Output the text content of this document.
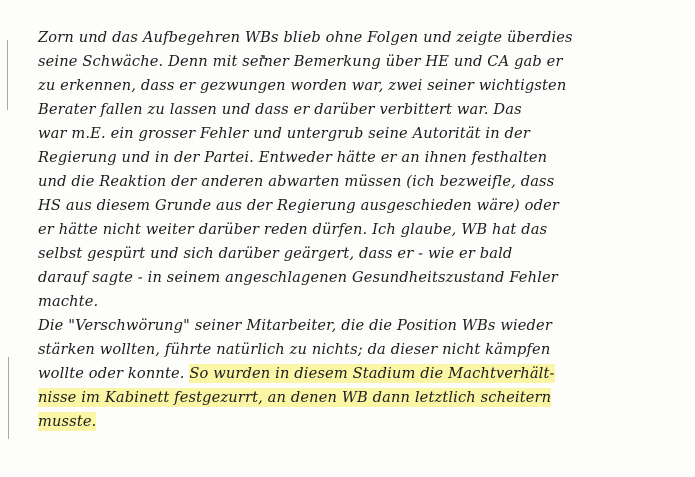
Zorn und das Aufbegehren WBs blieb ohne Folgen und zeigte überdies
seine Schwäche. Denn mit seiner Bemerkung über HE und CA gab er
zu erkennen, dass er gezwungen worden war, zwei seiner wichtigsten
Berater fallen zu lassen und dass er darüber verbittert war. Das
war m.E. ein grosser Fehler und untergrub seine Autorität in der
Regierung und in der Partei. Entweder hätte er an ihnen festhalten
und die Reaktion der anderen abwarten müssen (ich bezweifle, dass
HS aus diesem Grunde aus der Regierung ausgeschieden wäre) oder
er hätte nicht weiter darüber reden dürfen. Ich glaube, WB hat das
selbst gespürt und sich darüber geärgert, dass er - wie er bald
darauf sagte - in seinem angeschlagenen Gesundheitszustand Fehler
machte.
Die "Verschwörung" seiner Mitarbeiter, die die Position WBs wieder
stärken wollten, führte natürlich zu nichts; da dieser nicht kämpfen
wollte oder konnte. So wurden in diesem Stadium die Machtverhält-
nisse im Kabinett festgezurrt, an denen WB dann letztlich scheitern
musste.
